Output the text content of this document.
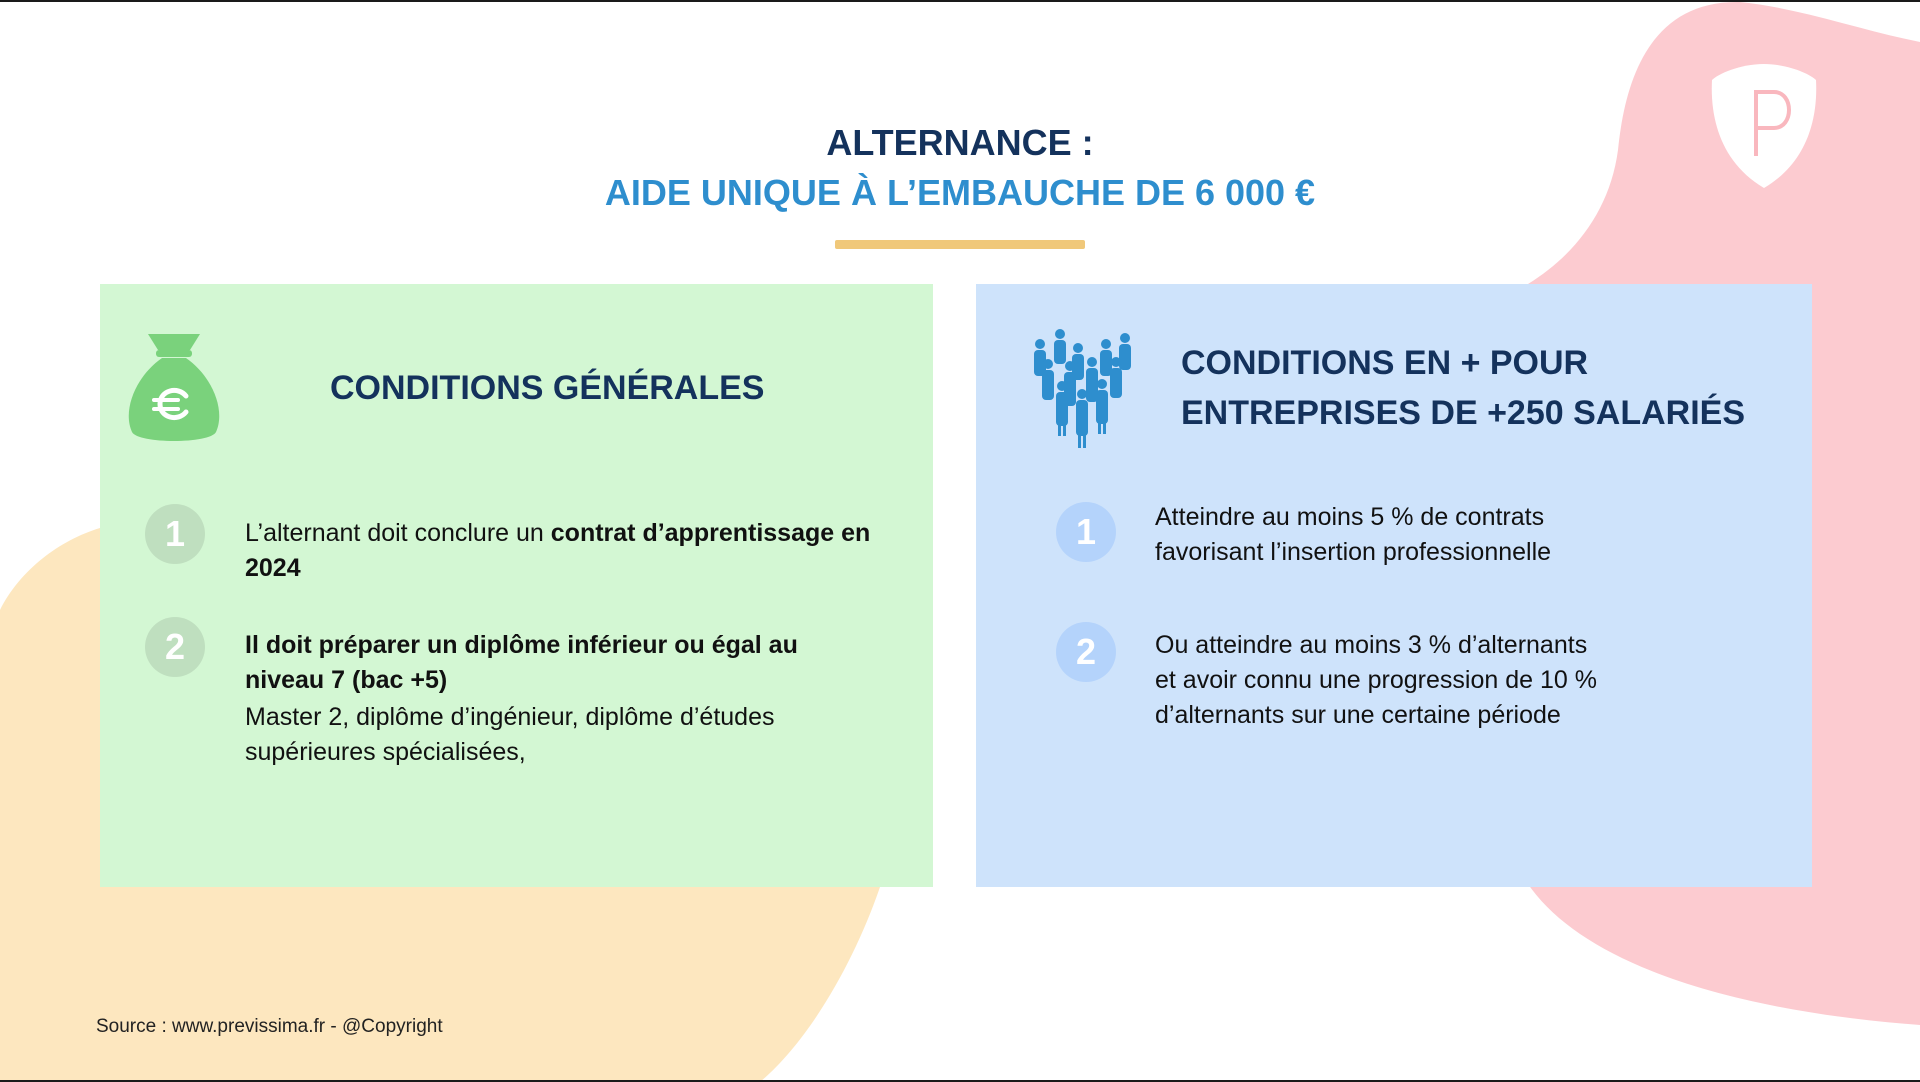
ALTERNANCE :
AIDE UNIQUE À L’EMBAUCHE DE 6 000 €
CONDITIONS GÉNÉRALES
1	L’alternant doit conclure un contrat d’apprentissage en 2024
2	Il doit préparer un diplôme inférieur ou égal au niveau 7 (bac +5)
Master 2, diplôme d’ingénieur, diplôme d’études supérieures spécialisées,
CONDITIONS EN + POUR
ENTREPRISES DE +250 SALARIÉS
1	Atteindre au moins 5 % de contrats
favorisant l’insertion professionnelle
2	Ou atteindre au moins 3 % d’alternants
et avoir connu une progression de 10 %
d’alternants sur une certaine période
Source : www.previssima.fr - @Copyright
